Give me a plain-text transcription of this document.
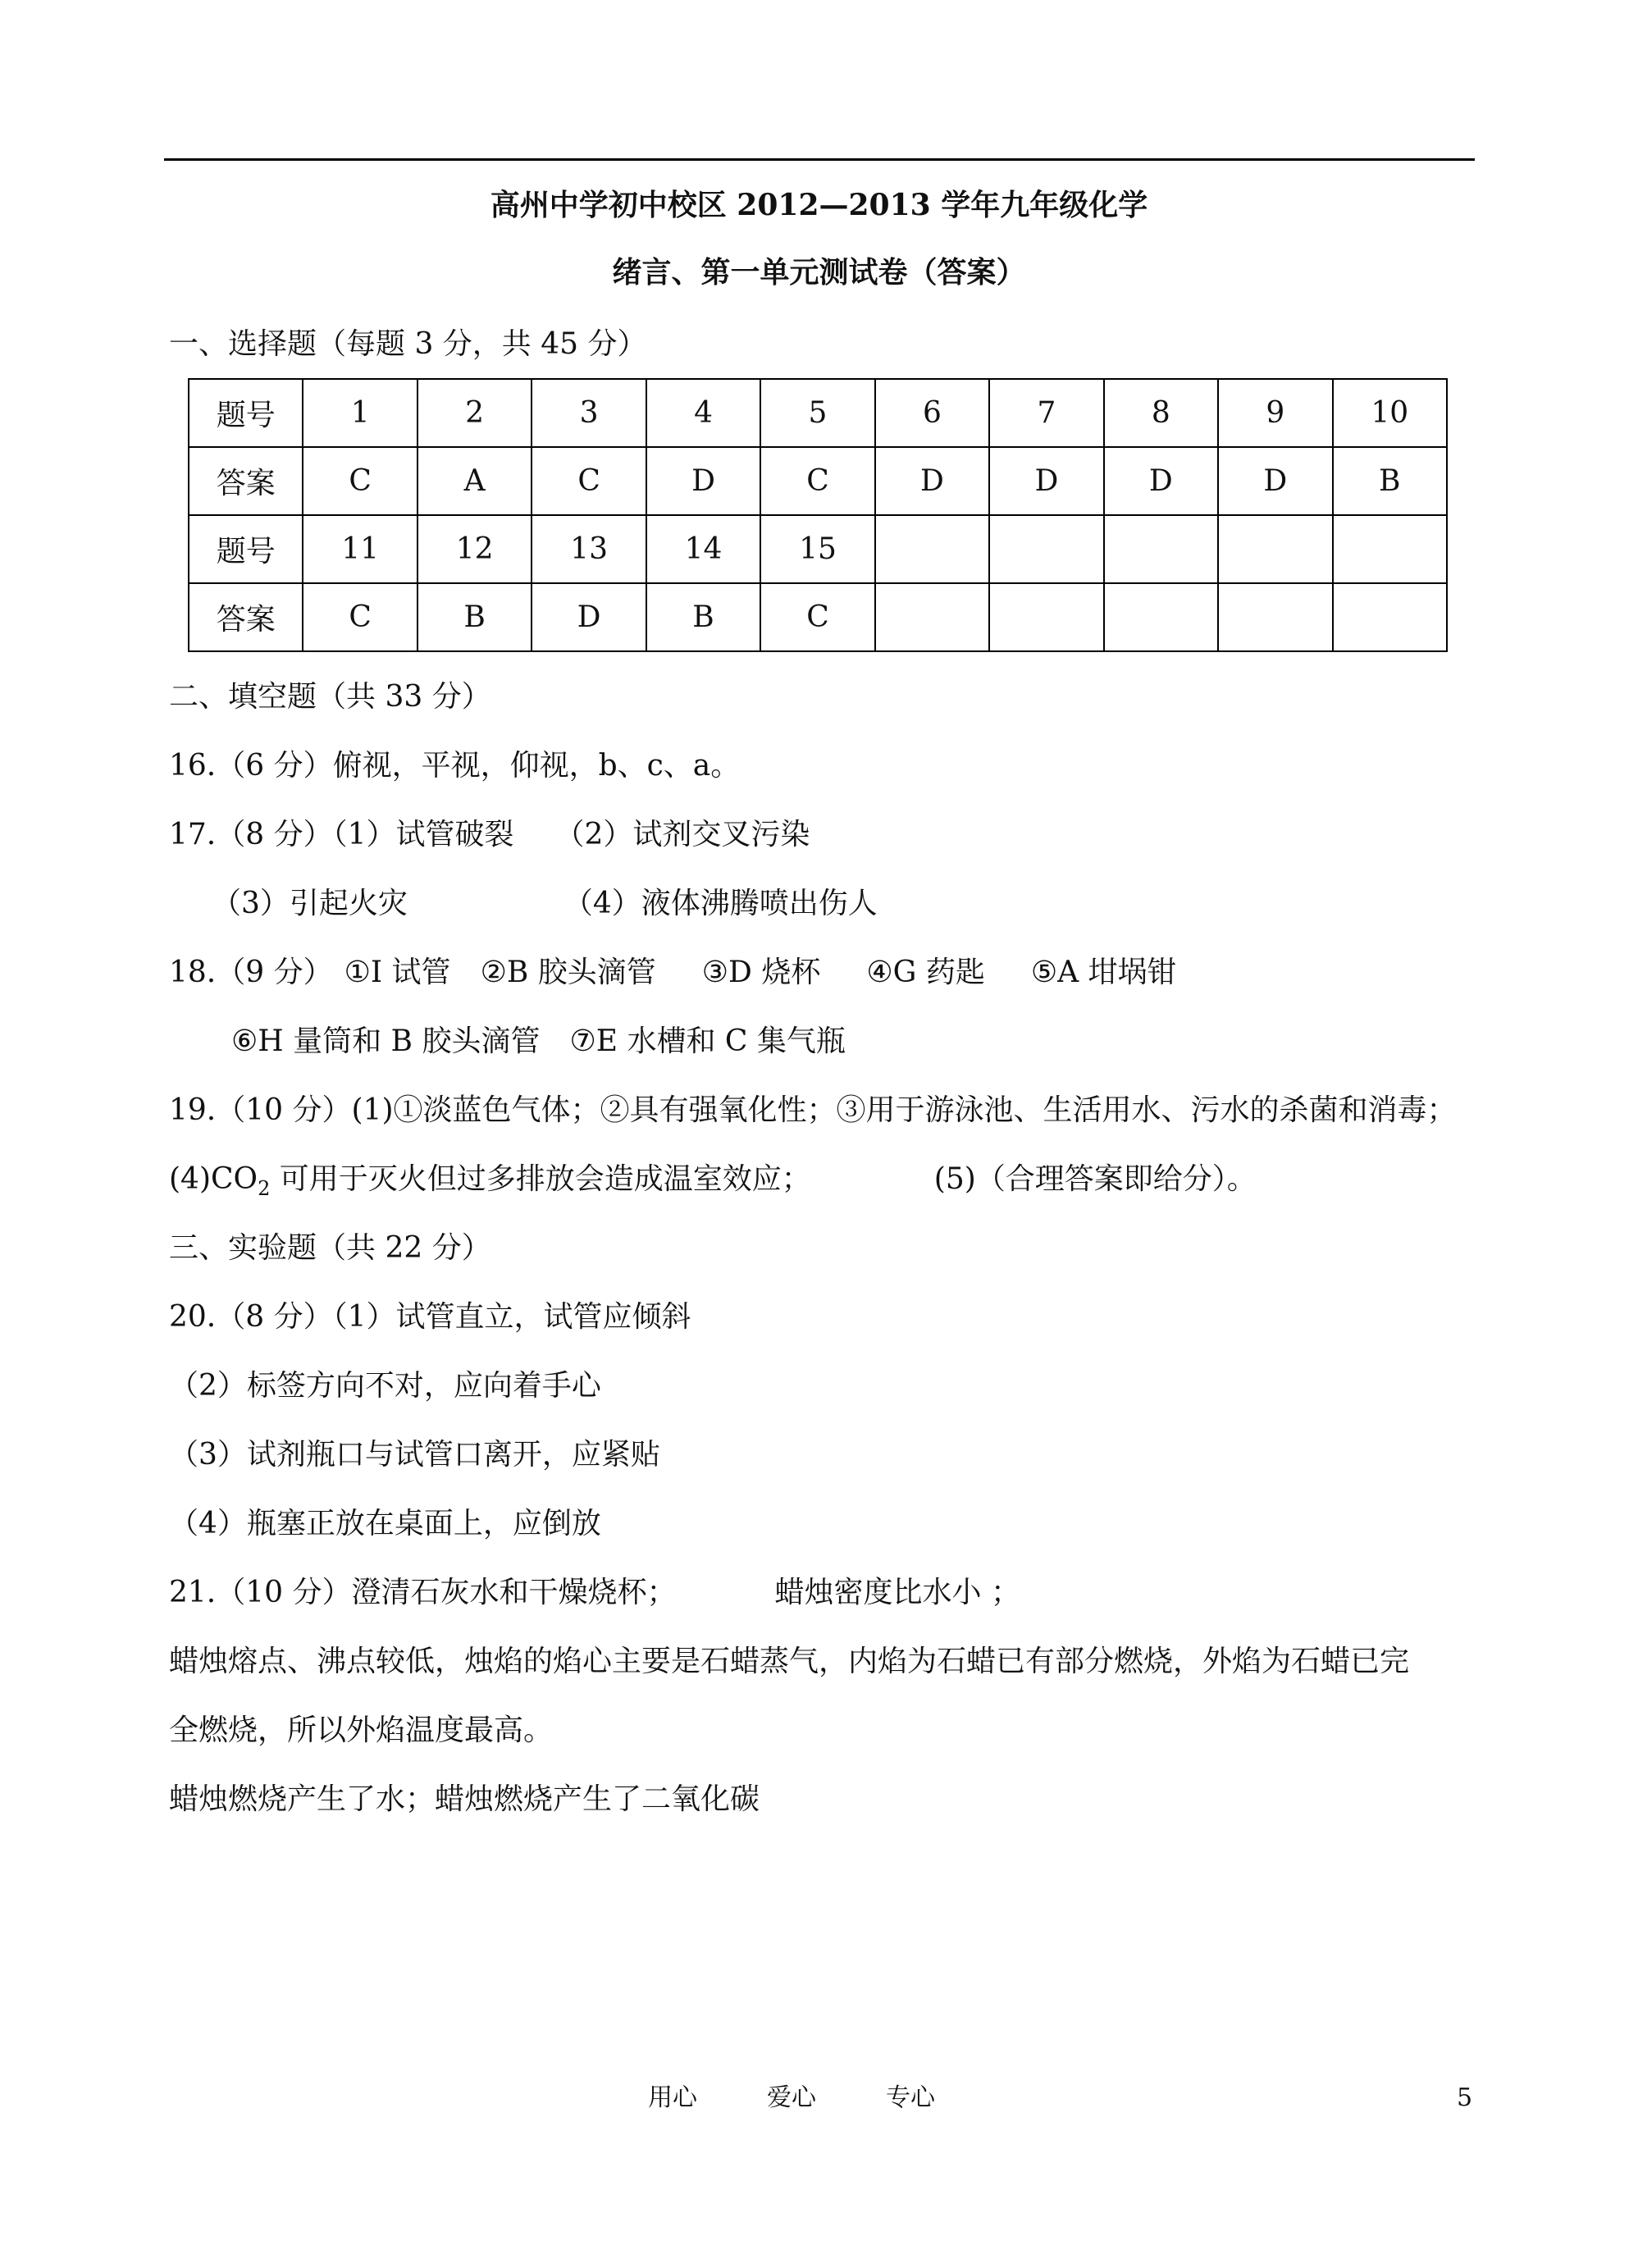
高州中学初中校区 2012—2013 学年九年级化学
绪言、第一单元测试卷（答案）
一、选择题（每题 3 分，共 45 分）
题号	1	2	3	4	5	6	7	8	9	10
答案	C	A	C	D	C	D	D	D	D	B
题号	11	12	13	14	15					
答案	C	B	D	B	C					
二、填空题（共 33 分）
16.（6 分）俯视，平视，仰视，b、c、a。
17.（8 分）（1）试管破裂 （2）试剂交叉污染
（3）引起火灾	（4）液体沸腾喷出伤人
18.（9 分） ①I 试管 ②B 胶头滴管 ③D 烧杯 ④G 药匙 ⑤A 坩埚钳
⑥H 量筒和 B 胶头滴管 ⑦E 水槽和 C 集气瓶
19.（10 分）(1)①淡蓝色气体；②具有强氧化性；③用于游泳池、生活用水、污水的杀菌和消毒；
$(4)CO_2$ 可用于灭火但过多排放会造成温室效应；	(5)（合理答案即给分）。
三、实验题（共 22 分）
20.（8 分）（1）试管直立，试管应倾斜
（2）标签方向不对，应向着手心
（3）试剂瓶口与试管口离开，应紧贴
（4）瓶塞正放在桌面上，应倒放
21.（10 分）澄清石灰水和干燥烧杯；	蜡烛密度比水小 ；
蜡烛熔点、沸点较低，烛焰的焰心主要是石蜡蒸气，内焰为石蜡已有部分燃烧，外焰为石蜡已完
全燃烧，所以外焰温度最高。
蜡烛燃烧产生了水；蜡烛燃烧产生了二氧化碳
用心	爱心	专心	5
